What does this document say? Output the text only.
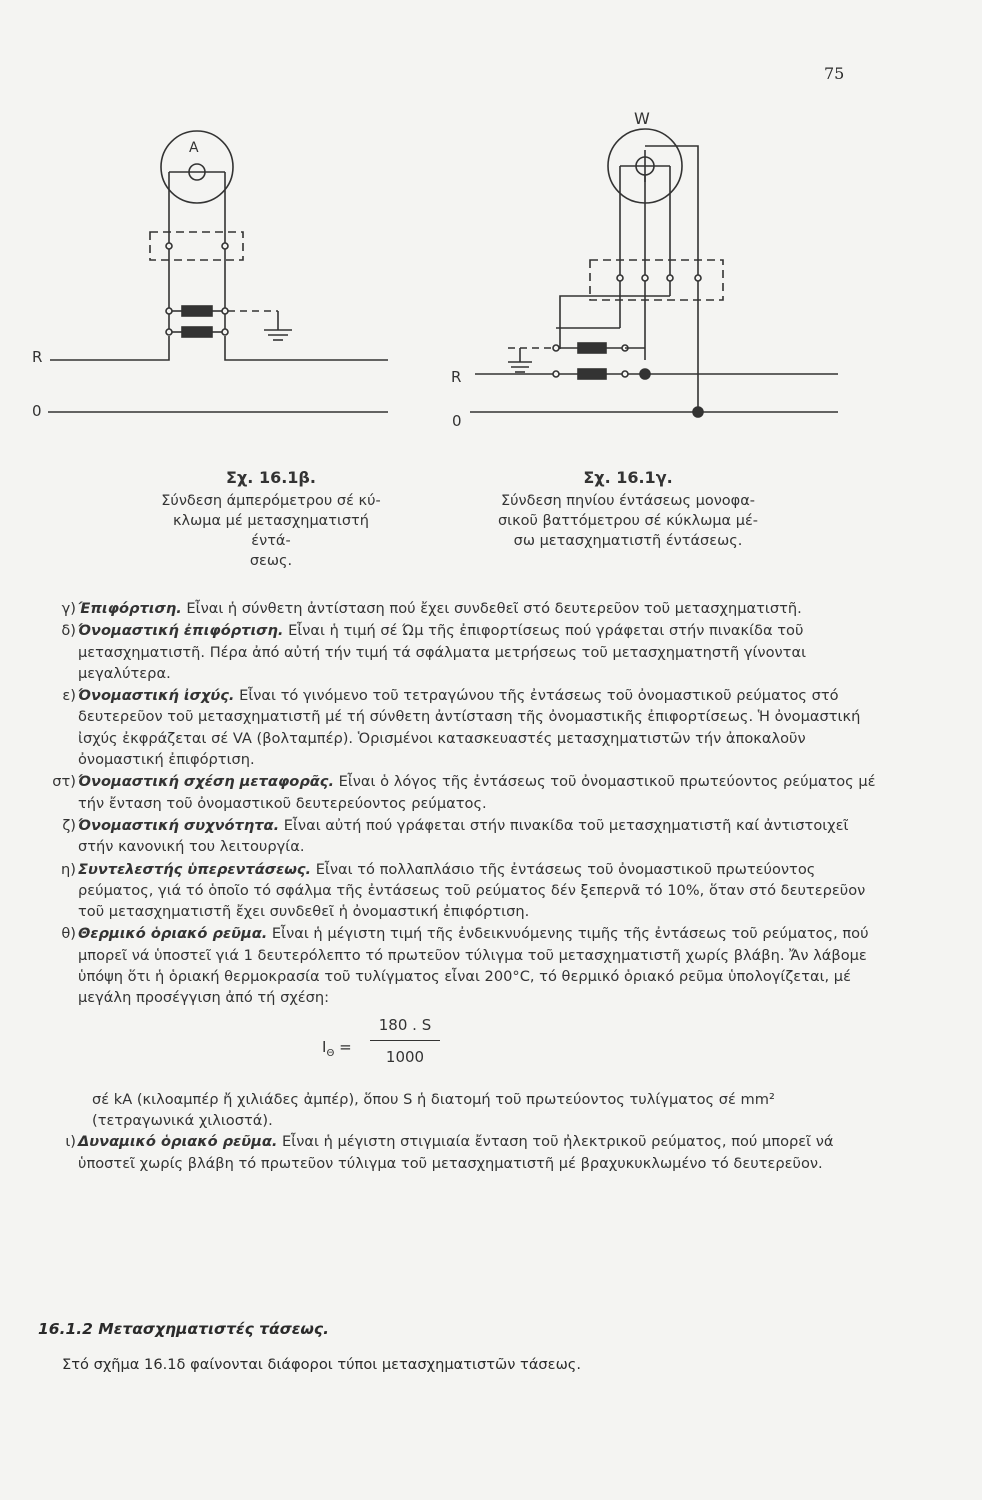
75
R
0
A
R
0
W
Σχ. 16.1β.
Σύνδεση άμπερόμετρου σέ κύ-
κλωμα μέ μετασχηματιστή έντά-
σεως.
Σχ. 16.1γ.
Σύνδεση πηνίου έντάσεως μονοφα-
σικοῦ βαττόμετρου σέ κύκλωμα μέ-
σω μετασχηματιστῆ έντάσεως.
γ) Έπιφόρτιση. Εἶναι ἡ σύνθετη ἀντίσταση πού ἔχει συνδεθεῖ στό δευτερεῦον τοῦ μετασχηματιστῆ.
δ) Όνομαστική ἐπιφόρτιση. Εἶναι ἡ τιμή σέ Ώμ τῆς ἐπιφορτίσεως πού γράφεται στήν πινακίδα τοῦ μετασχηματιστῆ. Πέρα ἀπό αὐτή τήν τιμή τά σφάλματα μετρήσεως τοῦ μετασχηματηστῆ γίνονται μεγαλύτερα.
ε) Όνομαστική ἰσχύς. Εἶναι τό γινόμενο τοῦ τετραγώνου τῆς ἐντάσεως τοῦ ὀνομαστικοῦ ρεύματος στό δευτερεῦον τοῦ μετασχηματιστῆ μέ τή σύνθετη ἀντίσταση τῆς ὀνομαστικῆς ἐπιφορτίσεως. Ἡ ὀνομαστική ἰσχύς ἐκφράζεται σέ VA (βολταμπέρ). Ὁρισμένοι κατασκευαστές μετασχηματιστῶν τήν ἀποκαλοῦν ὀνομαστική ἐπιφόρτιση.
στ) Όνομαστική σχέση μεταφορᾶς. Εἶναι ὁ λόγος τῆς ἐντάσεως τοῦ ὀνομαστικοῦ πρωτεύοντος ρεύματος μέ τήν ἔνταση τοῦ ὀνομαστικοῦ δευτερεύοντος ρεύματος.
ζ) Όνομαστική συχνότητα. Εἶναι αὐτή πού γράφεται στήν πινακίδα τοῦ μετασχηματιστῆ καί ἀντιστοιχεῖ στήν κανονική του λειτουργία.
η) Συντελεστής ὑπερεντάσεως. Εἶναι τό πολλαπλάσιο τῆς ἐντάσεως τοῦ ὀνομαστικοῦ πρωτεύοντος ρεύματος, γιά τό ὁποῖο τό σφάλμα τῆς ἐντάσεως τοῦ ρεύματος δέν ξεπερνᾶ τό 10%, ὅταν στό δευτερεῦον τοῦ μετασχηματιστῆ ἔχει συνδεθεῖ ἡ ὀνομαστική ἐπιφόρτιση.
θ) Θερμικό ὁριακό ρεῦμα. Εἶναι ἡ μέγιστη τιμή τῆς ἐνδεικνυόμενης τιμῆς τῆς ἐντάσεως τοῦ ρεύματος, πού μπορεῖ νά ὑποστεῖ γιά 1 δευτερόλεπτο τό πρωτεῦον τύλιγμα τοῦ μετασχηματιστῆ χωρίς βλάβη. Ἄν λάβομε ὑπόψη ὅτι ἡ ὁριακή θερμοκρασία τοῦ τυλίγματος εἶναι 200°C, τό θερμικό ὁριακό ρεῦμα ὑπολογίζεται, μέ μεγάλη προσέγγιση ἀπό τή σχέση:
$I_\Theta$ =
180 . S
1000
σέ kA (κιλοαμπέρ ἤ χιλιάδες ἀμπέρ), ὅπου S ἡ διατομή τοῦ πρωτεύοντος τυλίγματος σέ mm² (τετραγωνικά χιλιοστά).
ι) Δυναμικό ὁριακό ρεῦμα. Εἶναι ἡ μέγιστη στιγμιαία ἔνταση τοῦ ἠλεκτρικοῦ ρεύματος, πού μπορεῖ νά ὑποστεῖ χωρίς βλάβη τό πρωτεῦον τύλιγμα τοῦ μετασχηματιστῆ μέ βραχυκυκλωμένο τό δευτερεῦον.
16.1.2 Μετασχηματιστές τάσεως.
Στό σχῆμα 16.1δ φαίνονται διάφοροι τύποι μετασχηματιστῶν τάσεως.
